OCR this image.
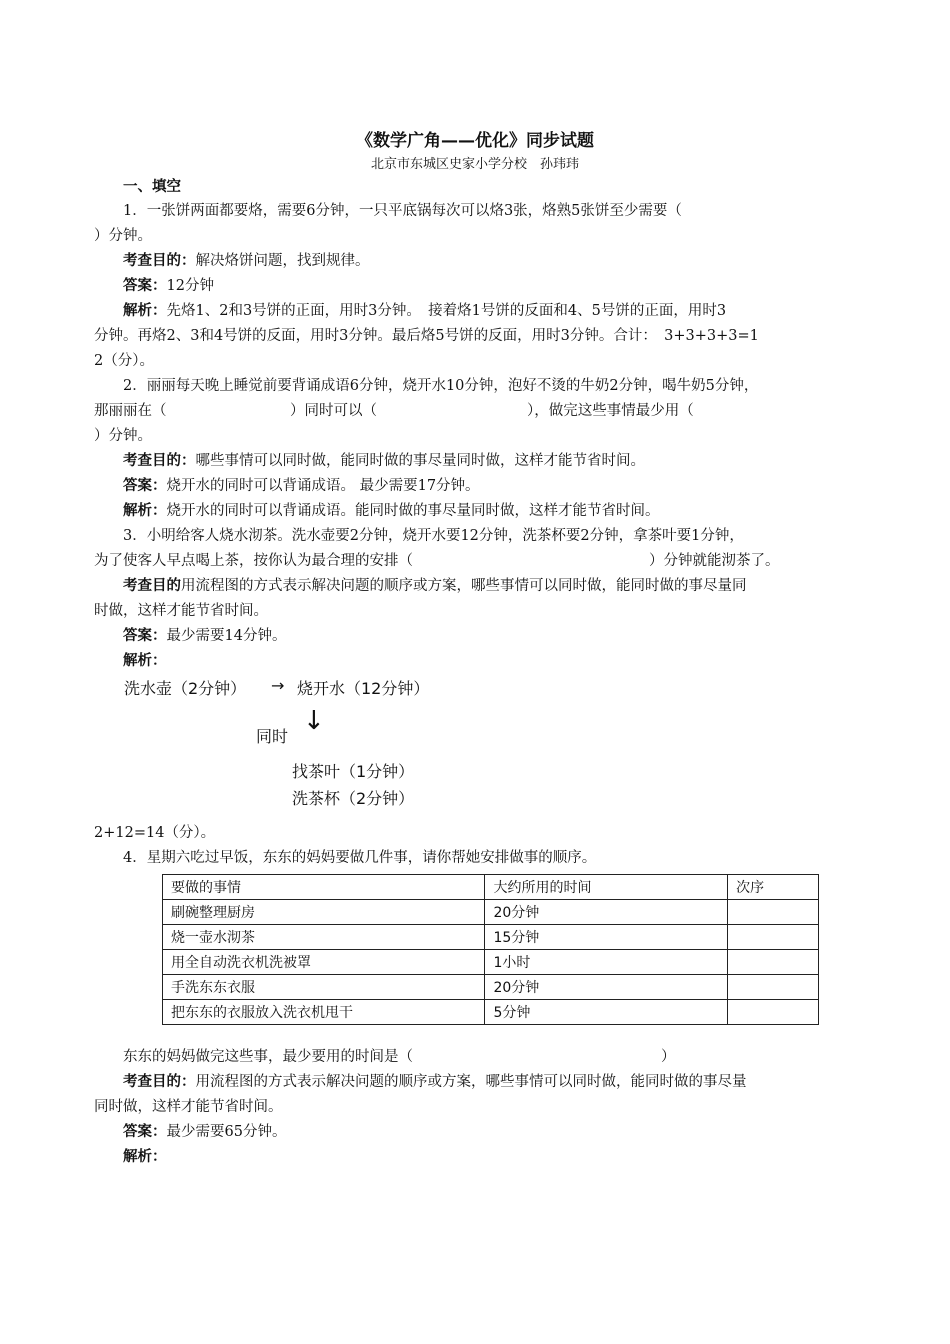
《数学广角——优化》同步试题
北京市东城区史家小学分校　孙玮玮
一、填空
1．一张饼两面都要烙，需要6分钟，一只平底锅每次可以烙3张，烙熟5张饼至少需要（
）分钟。
考查目的：解决烙饼问题，找到规律。
答案：12分钟
解析：先烙1、2和3号饼的正面，用时3分钟。　接着烙1号饼的反面和4、5号饼的正面，用时3
分钟。再烙2、3和4号饼的反面，用时3分钟。最后烙5号饼的反面，用时3分钟。合计：　3+3+3+3=1
2（分）。
2．丽丽每天晚上睡觉前要背诵成语6分钟，烧开水10分钟，泡好不烫的牛奶2分钟，喝牛奶5分钟，
那丽丽在（	）同时可以（	），做完这些事情最少用（
）分钟。
考查目的：哪些事情可以同时做，能同时做的事尽量同时做，这样才能节省时间。
答案：烧开水的同时可以背诵成语。 最少需要17分钟。
解析：烧开水的同时可以背诵成语。能同时做的事尽量同时做，这样才能节省时间。
3．小明给客人烧水沏茶。洗水壶要2分钟，烧开水要12分钟，洗茶杯要2分钟，拿茶叶要1分钟，
为了使客人早点喝上茶，按你认为最合理的安排（	）分钟就能沏茶了。
考查目的用流程图的方式表示解决问题的顺序或方案，哪些事情可以同时做，能同时做的事尽量同
时做，这样才能节省时间。
答案：最少需要14分钟。
解析：
洗水壶（2分钟） → 烧开水（12分钟）
↓
同时
找茶叶（1分钟）
洗茶杯（2分钟）
2+12=14（分）。
4．星期六吃过早饭，东东的妈妈要做几件事，请你帮她安排做事的顺序。
要做的事情	大约所用的时间	次序
刷碗整理厨房	20分钟	
烧一壶水沏茶	15分钟	
用全自动洗衣机洗被罩	1小时	
手洗东东衣服	20分钟	
把东东的衣服放入洗衣机甩干	5分钟	
东东的妈妈做完这些事，最少要用的时间是（	）
考查目的：用流程图的方式表示解决问题的顺序或方案，哪些事情可以同时做，能同时做的事尽量
同时做，这样才能节省时间。
答案：最少需要65分钟。
解析：
